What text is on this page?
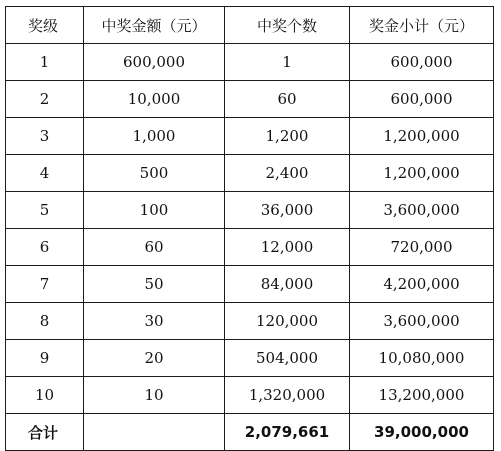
奖级	中奖金额（元）	中奖个数	奖金小计（元）
1	600,000	1	600,000
2	10,000	60	600,000
3	1,000	1,200	1,200,000
4	500	2,400	1,200,000
5	100	36,000	3,600,000
6	60	12,000	720,000
7	50	84,000	4,200,000
8	30	120,000	3,600,000
9	20	504,000	10,080,000
10	10	1,320,000	13,200,000
合计		2,079,661	39,000,000
